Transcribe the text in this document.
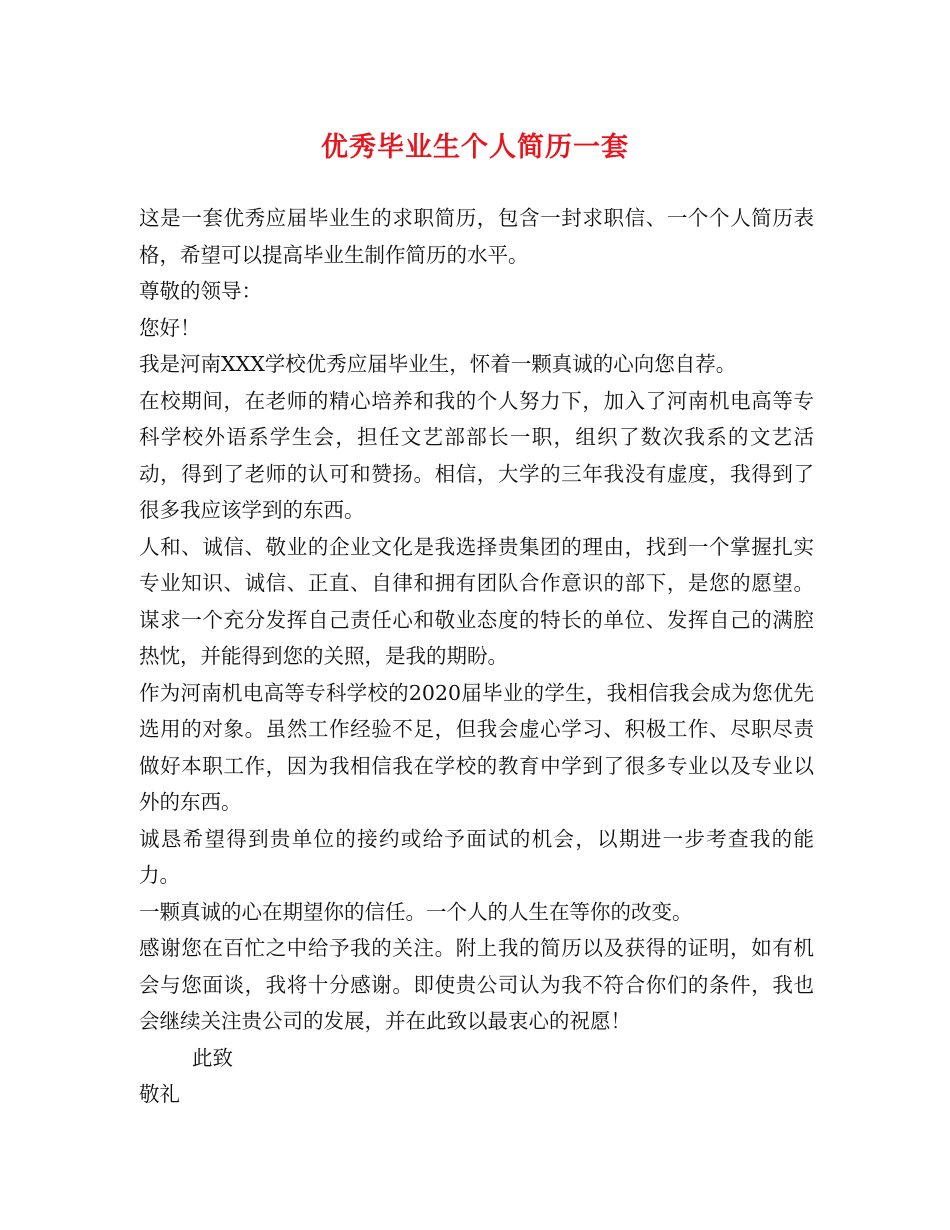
优秀毕业生个人简历一套

这是一套优秀应届毕业生的求职简历，包含一封求职信、一个个人简历表格，希望可以提高毕业生制作简历的水平。

尊敬的领导：

您好！

我是河南XXX学校优秀应届毕业生，怀着一颗真诚的心向您自荐。

在校期间，在老师的精心培养和我的个人努力下，加入了河南机电高等专科学校外语系学生会，担任文艺部部长一职，组织了数次我系的文艺活动，得到了老师的认可和赞扬。相信，大学的三年我没有虚度，我得到了很多我应该学到的东西。

人和、诚信、敬业的企业文化是我选择贵集团的理由，找到一个掌握扎实专业知识、诚信、正直、自律和拥有团队合作意识的部下，是您的愿望。谋求一个充分发挥自己责任心和敬业态度的特长的单位、发挥自己的满腔热忱，并能得到您的关照，是我的期盼。

作为河南机电高等专科学校的2020届毕业的学生，我相信我会成为您优先选用的对象。虽然工作经验不足，但我会虚心学习、积极工作、尽职尽责做好本职工作，因为我相信我在学校的教育中学到了很多专业以及专业以外的东西。

诚恳希望得到贵单位的接约或给予面试的机会，以期进一步考查我的能力。

一颗真诚的心在期望你的信任。一个人的人生在等你的改变。

感谢您在百忙之中给予我的关注。附上我的简历以及获得的证明，如有机会与您面谈，我将十分感谢。即使贵公司认为我不符合你们的条件，我也会继续关注贵公司的发展，并在此致以最衷心的祝愿！

此致

敬礼
